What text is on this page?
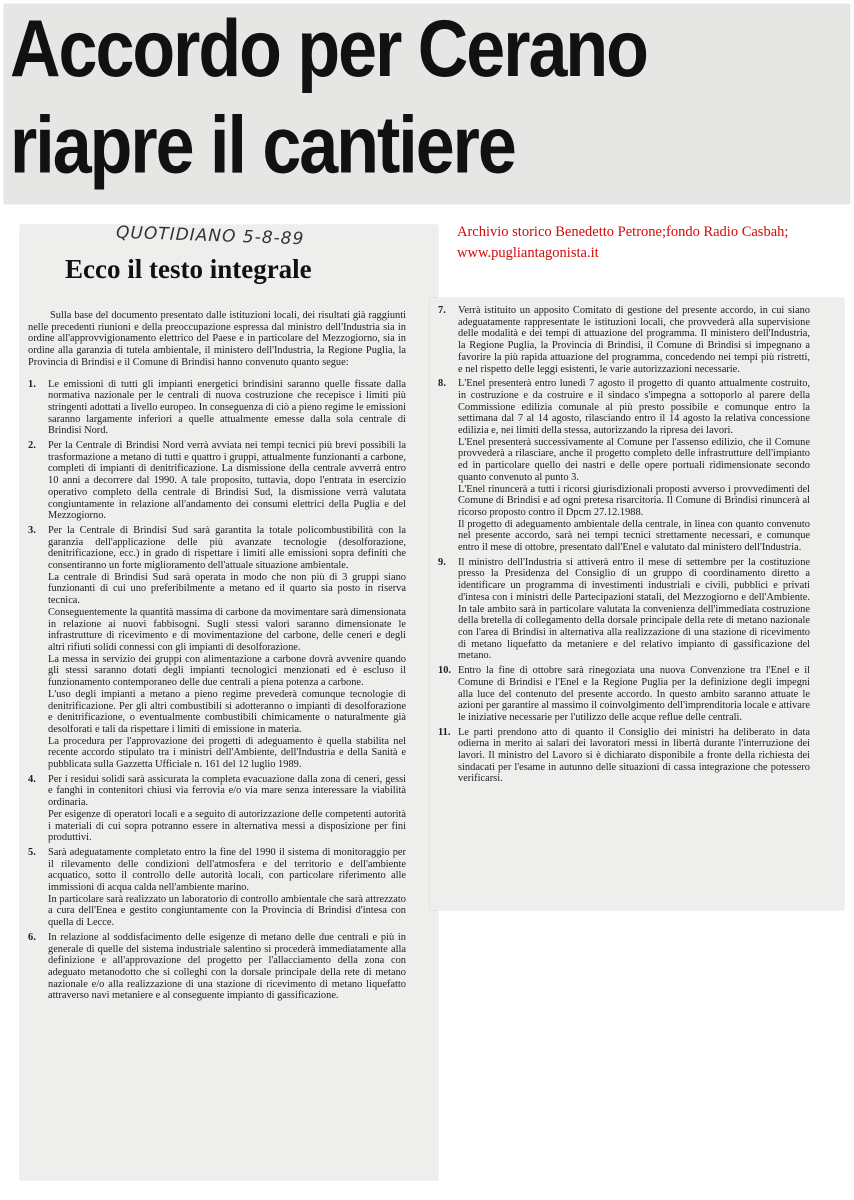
Accordo per Cerano
riapre il cantiere
Archivio storico Benedetto Petrone;fondo Radio Casbah; www.pugliantagonista.it
QUOTIDIANO 5-8-89
Ecco il testo integrale

Sulla base del documento presentato dalle istituzioni locali, dei risultati già raggiunti nelle precedenti riunioni e della preoccupazione espressa dal ministro dell'Industria sia in ordine all'approvvigionamento elettrico del Paese e in particolare del Mezzogiorno, sia in ordine alla garanzia di tutela ambientale, il ministero dell'Industria, la Regione Puglia, la Provincia di Brindisi e il Comune di Brindisi hanno convenuto quanto segue:

1.	Le emissioni di tutti gli impianti energetici brindisini saranno quelle fissate dalla normativa nazionale per le centrali di nuova costruzione che recepisce i limiti più stringenti adottati a livello europeo. In conseguenza di ciò a pieno regime le emissioni saranno largamente inferiori a quelle attualmente emesse dalla sola centrale di Brindisi Nord.

2.	Per la Centrale di Brindisi Nord verrà avviata nei tempi tecnici più brevi possibili la trasformazione a metano di tutti e quattro i gruppi, attualmente funzionanti a carbone, completi di impianti di denitrificazione. La dismissione della centrale avverrà entro 10 anni a decorrere dal 1990. A tale proposito, tuttavia, dopo l'entrata in esercizio operativo completo della centrale di Brindisi Sud, la dismissione verrà valutata congiuntamente in relazione all'andamento dei consumi elettrici della Puglia e del Mezzogiorno.

3.	Per la Centrale di Brindisi Sud sarà garantita la totale policombustibilità con la garanzia dell'applicazione delle più avanzate tecnologie (desolforazione, denitrificazione, ecc.) in grado di rispettare i limiti alle emissioni sopra definiti che consentiranno un forte miglioramento dell'attuale situazione ambientale.

La centrale di Brindisi Sud sarà operata in modo che non più di 3 gruppi siano funzionanti di cui uno preferibilmente a metano ed il quarto sia posto in riserva tecnica.

Conseguentemente la quantità massima di carbone da movimentare sarà dimensionata in relazione ai nuovi fabbisogni. Sugli stessi valori saranno dimensionate le infrastrutture di ricevimento e di movimentazione del carbone, delle ceneri e degli altri rifiuti solidi connessi con gli impianti di desolforazione.

La messa in servizio dei gruppi con alimentazione a carbone dovrà avvenire quando gli stessi saranno dotati degli impianti tecnologici menzionati ed è escluso il funzionamento contemporaneo delle due centrali a piena potenza a carbone.

L'uso degli impianti a metano a pieno regime prevederà comunque tecnologie di denitrificazione. Per gli altri combustibili si adotteranno o impianti di desolforazione e denitrificazione, o eventualmente combustibili chimicamente o naturalmente già desolforati e tali da rispettare i limiti di emissione in materia.

La procedura per l'approvazione dei progetti di adeguamento è quella stabilita nel recente accordo stipulato tra i ministri dell'Ambiente, dell'Industria e della Sanità e pubblicata sulla Gazzetta Ufficiale n. 161 del 12 luglio 1989.

4.	Per i residui solidi sarà assicurata la completa evacuazione dalla zona di ceneri, gessi e fanghi in contenitori chiusi via ferrovia e/o via mare senza interessare la viabilità ordinaria.

Per esigenze di operatori locali e a seguito di autorizzazione delle competenti autorità i materiali di cui sopra potranno essere in alternativa messi a disposizione per fini produttivi.

5.	Sarà adeguatamente completato entro la fine del 1990 il sistema di monitoraggio per il rilevamento delle condizioni dell'atmosfera e del territorio e dell'ambiente acquatico, sotto il controllo delle autorità locali, con particolare riferimento alle immissioni di acqua calda nell'ambiente marino.

In particolare sarà realizzato un laboratorio di controllo ambientale che sarà attrezzato a cura dell'Enea e gestito congiuntamente con la Provincia di Brindisi d'intesa con quella di Lecce.

6.	In relazione al soddisfacimento delle esigenze di metano delle due centrali e più in generale di quelle del sistema industriale salentino si procederà immediatamente alla definizione e all'approvazione del progetto per l'allacciamento della zona con adeguato metanodotto che si colleghi con la dorsale principale della rete di metano nazionale e/o alla realizzazione di una stazione di ricevimento di metano liquefatto attraverso navi metaniere e al conseguente impianto di gassificazione.

7.	Verrà istituito un apposito Comitato di gestione del presente accordo, in cui siano adeguatamente rappresentate le istituzioni locali, che provvederà alla supervisione delle modalità e dei tempi di attuazione del programma. Il ministero dell'Industria, la Regione Puglia, la Provincia di Brindisi, il Comune di Brindisi si impegnano a favorire la più rapida attuazione del programma, concedendo nei tempi più ristretti, e nel rispetto delle leggi esistenti, le varie autorizzazioni necessarie.

8.	L'Enel presenterà entro lunedì 7 agosto il progetto di quanto attualmente costruito, in costruzione e da costruire e il sindaco s'impegna a sottoporlo al parere della Commissione edilizia comunale al più presto possibile e comunque entro la settimana dal 7 al 14 agosto, rilasciando entro il 14 agosto la relativa concessione edilizia e, nei limiti della stessa, autorizzando la ripresa dei lavori.

L'Enel presenterà successivamente al Comune per l'assenso edilizio, che il Comune provvederà a rilasciare, anche il progetto completo delle infrastrutture dell'impianto ed in particolare quello dei nastri e delle opere portuali ridimensionate secondo quanto convenuto al punto 3.

L'Enel rinuncerà a tutti i ricorsi giurisdizionali proposti avverso i provvedimenti del Comune di Brindisi e ad ogni pretesa risarcitoria. Il Comune di Brindisi rinuncerà al ricorso proposto contro il Dpcm 27.12.1988.

Il progetto di adeguamento ambientale della centrale, in linea con quanto convenuto nel presente accordo, sarà nei tempi tecnici strettamente necessari, e comunque entro il mese di ottobre, presentato dall'Enel e valutato dal ministero dell'Industria.

9.	Il ministro dell'Industria si attiverà entro il mese di settembre per la costituzione presso la Presidenza del Consiglio di un gruppo di coordinamento diretto a identificare un programma di investimenti industriali e civili, pubblici e privati d'intesa con i ministri delle Partecipazioni statali, del Mezzogiorno e dell'Ambiente. In tale ambito sarà in particolare valutata la convenienza dell'immediata costruzione della bretella di collegamento della dorsale principale della rete di metano nazionale con l'area di Brindisi in alternativa alla realizzazione di una stazione di ricevimento di metano liquefatto da metaniere e del relativo impianto di gassificazione del metano.

10. Entro la fine di ottobre sarà rinegoziata una nuova Convenzione tra l'Enel e il Comune di Brindisi e l'Enel e la Regione Puglia per la definizione degli impegni alla luce del contenuto del presente accordo. In questo ambito saranno attuate le azioni per garantire al massimo il coinvolgimento dell'imprenditoria locale e attivare le iniziative necessarie per l'utilizzo delle acque reflue delle centrali.

11. Le parti prendono atto di quanto il Consiglio dei ministri ha deliberato in data odierna in merito ai salari dei lavoratori messi in libertà durante l'interruzione dei lavori. Il ministro del Lavoro si è dichiarato disponibile a fronte della richiesta dei sindacati per l'esame in autunno delle situazioni di cassa integrazione che potessero verificarsi.
